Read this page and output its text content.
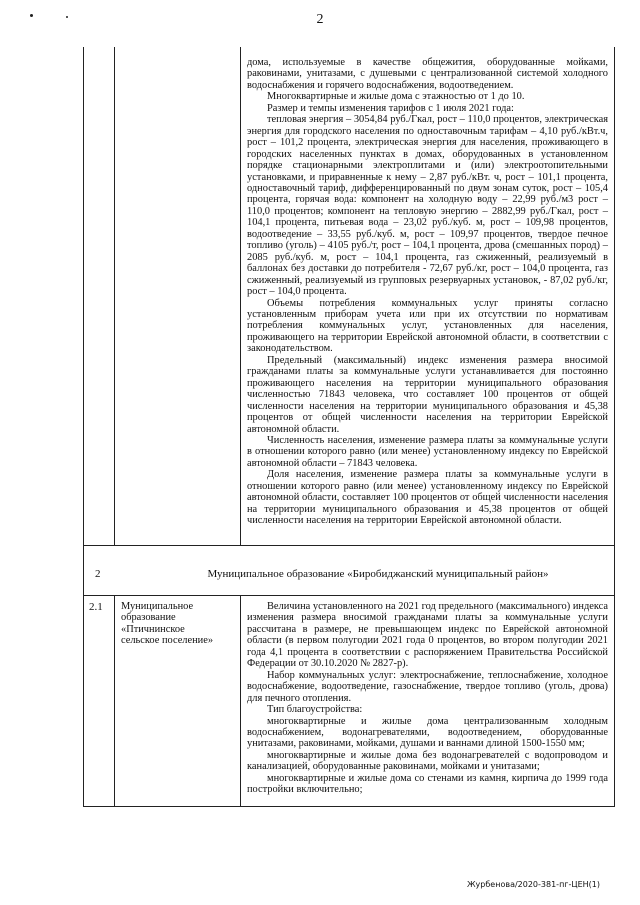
2

дома, используемые в качестве общежития, оборудованные мойками, раковинами, унитазами, с душевыми с централизованной системой холодного водоснабжения и горячего водоснабжения, водоотведением.

Многоквартирные и жилые дома с этажностью от 1 до 10.

Размер и темпы изменения тарифов с 1 июля 2021 года:

тепловая энергия – 3054,84 руб./Гкал, рост – 110,0 процентов, электрическая энергия для городского населения по одноставочным тарифам – 4,10 руб./кВт.ч, рост – 101,2 процента, электрическая энергия для населения, проживающего в городских населенных пунктах в домах, оборудованных в установленном порядке стационарными электроплитами и (или) электроотопительными установками, и приравненные к нему – 2,87 руб./кВт. ч, рост – 101,1 процента, одноставочный тариф, дифференцированный по двум зонам суток, рост – 105,4 процента, горячая вода: компонент на холодную воду – 22,99 руб./м3 рост – 110,0 процентов; компонент на тепловую энергию – 2882,99 руб./Гкал, рост – 104,1 процента, питьевая вода – 23,02 руб./куб. м, рост – 109,98 процентов, водоотведение – 33,55 руб./куб. м, рост – 109,97 процентов, твердое печное топливо (уголь) – 4105 руб./т, рост – 104,1 процента, дрова (смешанных пород) – 2085 руб./куб. м, рост – 104,1 процента, газ сжиженный, реализуемый в баллонах без доставки до потребителя - 72,67 руб./кг, рост – 104,0 процента, газ сжиженный, реализуемый из групповых резервуарных установок, - 87,02 руб./кг, рост – 104,0 процента.

Объемы потребления коммунальных услуг приняты согласно установленным приборам учета или при их отсутствии по нормативам потребления коммунальных услуг, установленных для населения, проживающего на территории Еврейской автономной области, в соответствии с законодательством.

Предельный (максимальный) индекс изменения размера вносимой гражданами платы за коммунальные услуги устанавливается для постоянно проживающего населения на территории муниципального образования численностью 71843 человека, что составляет 100 процентов от общей численности населения на территории муниципального образования и 45,38 процентов от общей численности населения на территории Еврейской автономной области.

Численность населения, изменение размера платы за коммунальные услуги в отношении которого равно (или менее) установленному индексу по Еврейской автономной области – 71843 человека.

Доля населения, изменение размера платы за коммунальные услуги в отношении которого равно (или менее) установленному индексу по Еврейской автономной области, составляет 100 процентов от общей численности населения на территории муниципального образования и 45,38 процентов от общей численности населения на территории Еврейской автономной области.

2	Муниципальное образование «Биробиджанский муниципальный район»
2.1 Муниципальное

образование

«Птичнинское

сельское поселение»

Величина установленного на 2021 год предельного (максимального) индекса изменения размера вносимой гражданами платы за коммунальные услуги рассчитана в размере, не превышающем индекс по Еврейской автономной области (в первом полугодии 2021 года 0 процентов, во втором полугодии 2021 года 4,1 процента в соответствии с распоряжением Правительства Российской Федерации от 30.10.2020 № 2827-р).

Набор коммунальных услуг: электроснабжение, теплоснабжение, холодное водоснабжение, водоотведение, газоснабжение, твердое топливо (уголь, дрова) для печного отопления.

Тип благоустройства:

многоквартирные и жилые дома централизованным холодным водоснабжением, водонагревателями, водоотведением, оборудованные унитазами, раковинами, мойками, душами и ваннами длиной 1500-1550 мм;

многоквартирные и жилые дома без водонагревателей с водопроводом и канализацией, оборудованные раковинами, мойками и унитазами;

многоквартирные и жилые дома со стенами из камня, кирпича до 1999 года постройки включительно;

Журбенова/2020-381-пг-ЦЕН(1)
